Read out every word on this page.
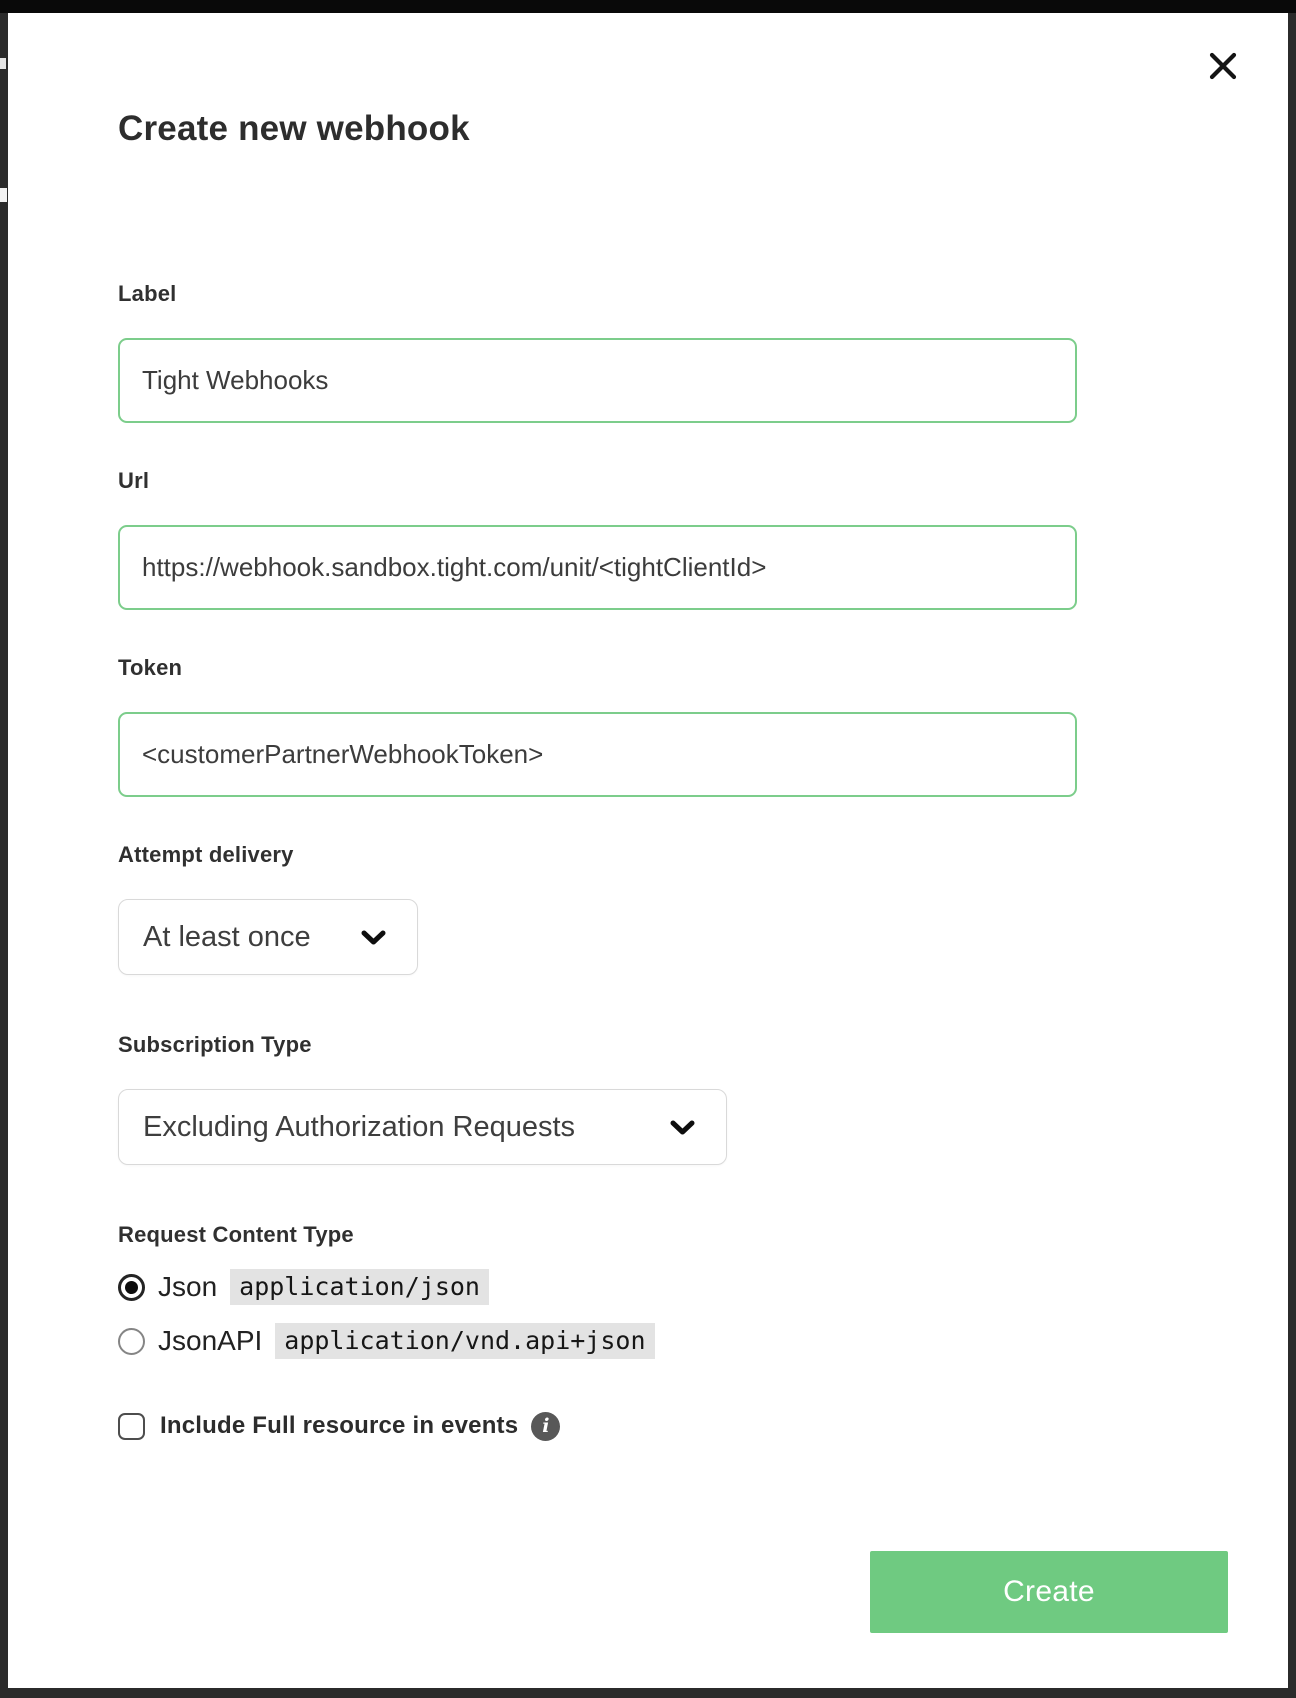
Create new webhook
Label
Tight Webhooks
Url
https://webhook.sandbox.tight.com/unit/<tightClientId>
Token
<customerPartnerWebhookToken>
Attempt delivery
At least once
Subscription Type
Excluding Authorization Requests
Request Content Type
Json application/json
JsonAPI application/vnd.api+json
Include Full resource in events	i
Create
